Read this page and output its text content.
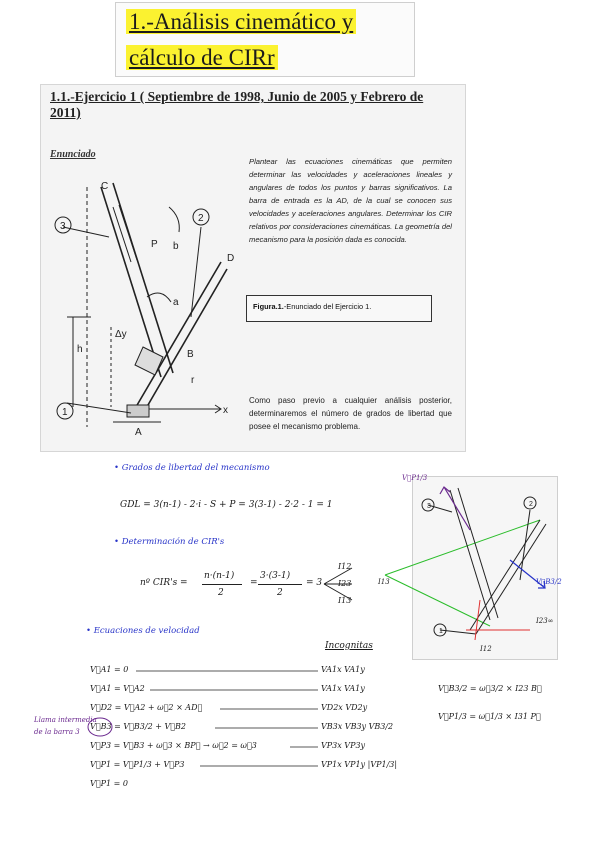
1.-Análisis cinemático y
cálculo de CIRr
1.1.-Ejercicio 1 ( Septiembre de 1998, Junio de 2005 y Febrero de 2011)
Enunciado
3
2
1
C
P b
D
a
Δy
h	B
r
x
A
Plantear las ecuaciones cinemáticas que permiten determinar las velocidades y aceleraciones lineales y angulares de todos los puntos y barras significativos. La barra de entrada es la AD, de la cual se conocen sus velocidades y aceleraciones angulares. Determinar los CIR relativos por consideraciones cinemáticas. La geometría del mecanismo para la posición dada es conocida.
Figura.1.-Enunciado del Ejercicio 1.
Como paso previo a cualquier análisis posterior, determinaremos el número de grados de libertad que posee el mecanismo problema.
• Grados de libertad del mecanismo
GDL = 3(n-1) - 2·i - S + P = 3(3-1) - 2·2 - 1 = 1
• Determinación de CIR's
nº CIR's =
n·(n-1)
2
=
3·(3-1)
2
= 3
I12
I23
I13
• Ecuaciones de velocidad
Incognitas
V⃗A1 = 0	VA1x VA1y
V⃗A1 = V⃗A2	VA1x VA1y
V⃗D2 = V⃗A2 + ω⃗2 × AD⃗	VD2x VD2y
V⃗B3 = V⃗B3/2 + V⃗B2	VB3x VB3y VB3/2
V⃗P3 = V⃗B3 + ω⃗3 × BP⃗ → ω⃗2 = ω⃗3	VP3x VP3y
V⃗P1 = V⃗P1/3 + V⃗P3	VP1x VP1y |VP1/3|
V⃗P1 = 0
Llama intermedia
de la barra 3
V⃗B3/2 = ω⃗3/2 × I23 B⃗
V⃗P1/3 = ω⃗1/3 × I31 P⃗
3	2
1
V⃗P1/3
V⃗B3/2
I13
I23∞
I12
